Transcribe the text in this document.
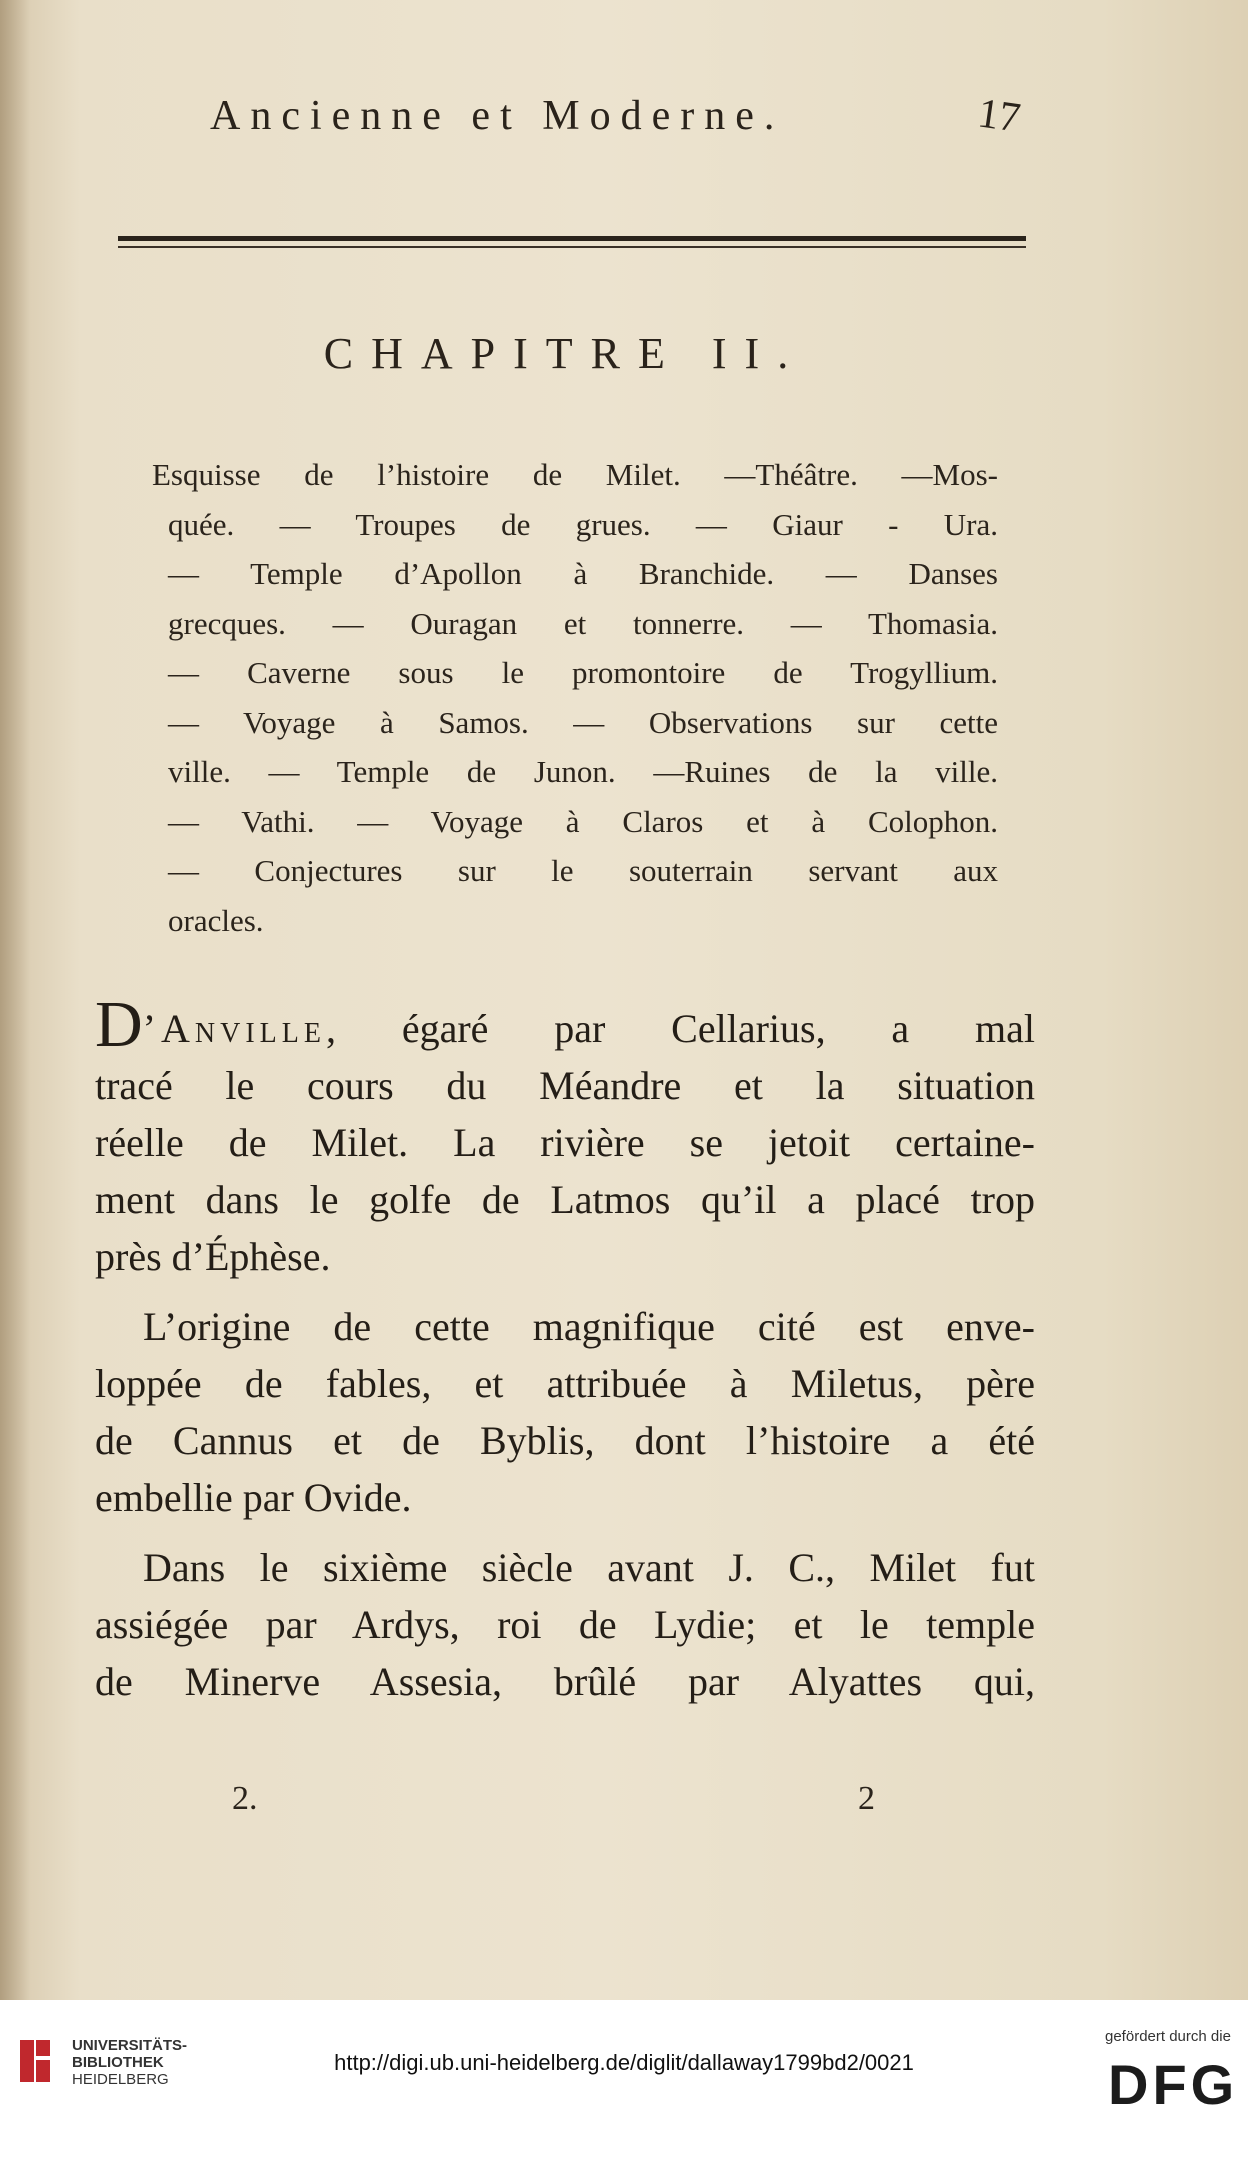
Ancienne et Moderne.	17
CHAPITRE II.
Esquisse de l’histoire de Milet. —Théâtre. —Mos-
quée. — Troupes de grues. — Giaur - Ura.
— Temple d’Apollon à Branchide. — Danses
grecques. — Ouragan et tonnerre. — Thomasia.
— Caverne sous le promontoire de Trogyllium.
— Voyage à Samos. — Observations sur cette
ville. — Temple de Junon. —Ruines de la ville.
— Vathi. — Voyage à Claros et à Colophon.
— Conjectures sur le souterrain servant aux
oracles.
D’Anville, égaré par Cellarius, a mal
tracé le cours du Méandre et la situation
réelle de Milet. La rivière se jetoit certaine-
ment dans le golfe de Latmos qu’il a placé trop
près d’Éphèse.
L’origine de cette magnifique cité est enve-
loppée de fables, et attribuée à Miletus, père
de Cannus et de Byblis, dont l’histoire a été
embellie par Ovide.
Dans le sixième siècle avant J. C., Milet fut
assiégée par Ardys, roi de Lydie; et le temple
de Minerve Assesia, brûlé par Alyattes qui,
2.	2
UNIVERSITÄTS-
BIBLIOTHEK
HEIDELBERG
http://digi.ub.uni-heidelberg.de/diglit/dallaway1799bd2/0021
gefördert durch die
DFG
